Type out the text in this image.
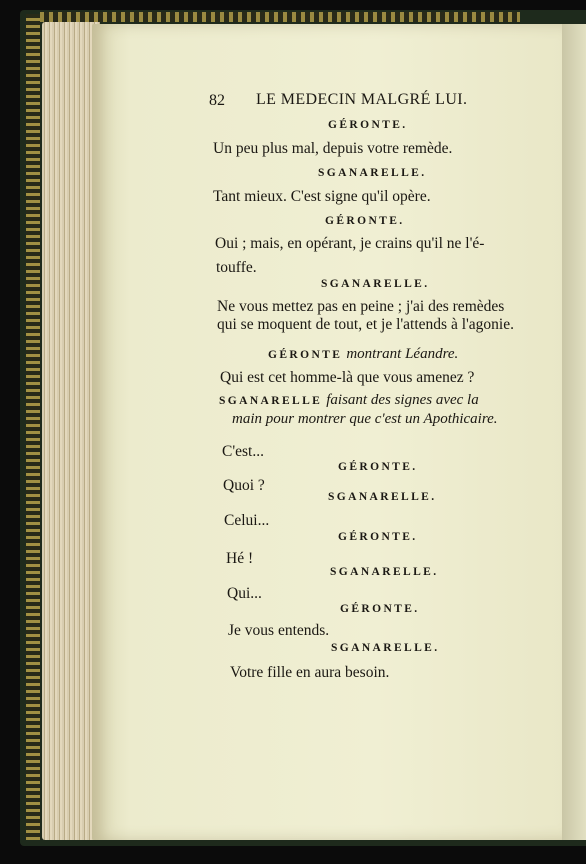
82 LE MEDECIN MALGRÉ LUI.
GÉRONTE.
Un peu plus mal, depuis votre remède.
SGANARELLE.
Tant mieux. C'est signe qu'il opère.
GÉRONTE.
Oui ; mais, en opérant, je crains qu'il ne l'é-
touffe.
SGANARELLE.
Ne vous mettez pas en peine ; j'ai des remèdes
qui se moquent de tout, et je l'attends à l'agonie.
GÉRONTE montrant Léandre.
Qui est cet homme-là que vous amenez ?
SGANARELLE faisant des signes avec la
main pour montrer que c'est un Apothicaire.
C'est...
GÉRONTE.
Quoi ?
SGANARELLE.
Celui...
GÉRONTE.
Hé !
SGANARELLE.
Qui...
GÉRONTE.
Je vous entends.
SGANARELLE.
Votre fille en aura besoin.
